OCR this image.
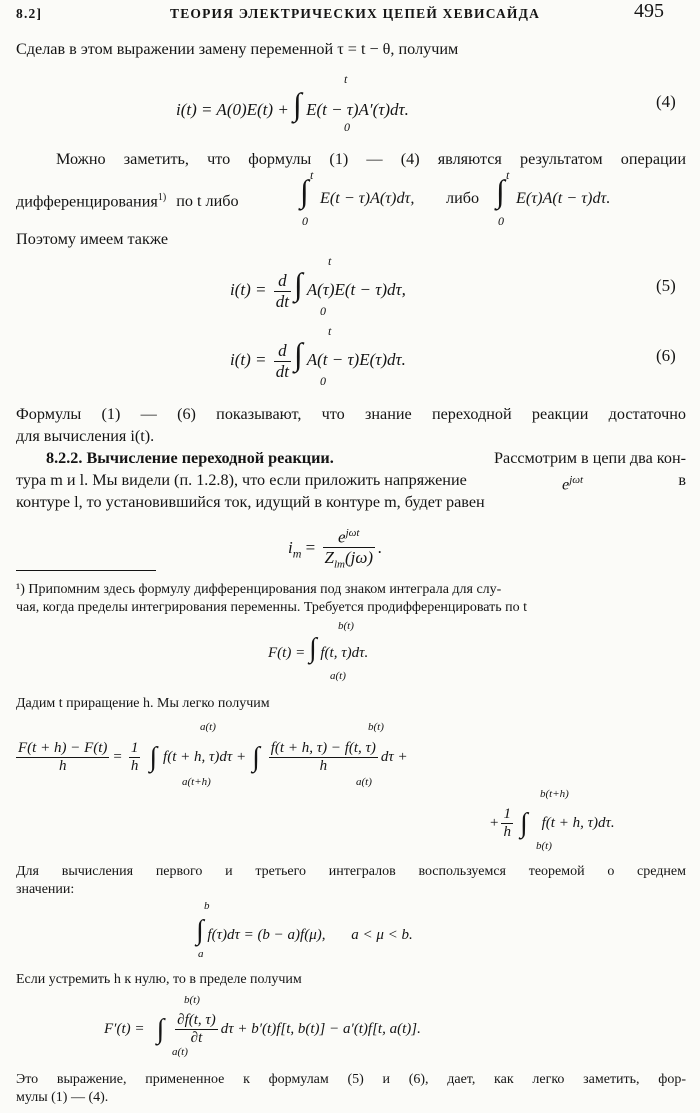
8.2]	ТЕОРИЯ ЭЛЕКТРИЧЕСКИХ ЦЕПЕЙ ХЕВИСАЙДА	495
Сделав в этом выражении замену переменной τ = t − θ, получим
i(t) = A(0)E(t) + ∫ E(t − τ)A′(τ)dτ.
t
0
(4)
Можно заметить, что формулы (1) — (4) являются результатом операции
дифференцирования$^{1)}$ по t либо ∫ E(t − τ)A(τ)dτ, либо ∫ E(τ)A(t − τ)dτ.
t
0
t
0
Поэтому имеем также
$i(t) = \frac{d}{dt}$ ∫ A(τ)E(t − τ)dτ,
t
0
(5)
$i(t) = \frac{d}{dt}$ ∫ A(t − τ)E(τ)dτ.
t
0
(6)
Формулы (1) — (6) показывают, что знание переходной реакции достаточно
для вычисления i(t).
8.2.2. Вычисление переходной реакции.	Рассмотрим в цепи два кон-
тура m и l. Мы видели (п. 1.2.8), что если приложить напряжение	$e^{j\omega t}$	в
контуре l, то установившийся ток, идущий в контуре m, будет равен
$i_m = \frac{e^{j\omega t}}{Z_{lm}(j\omega)}$ .
¹) Припомним здесь формулу дифференцирования под знаком интеграла для слу-
чая, когда пределы интегрирования переменны. Требуется продифференцировать по t
F(t) = ∫ f(t, τ)dτ.
b(t)
a(t)
Дадим t приращение h. Мы легко получим
$\frac{F(t + h) - F(t)}{h} = \frac{1}{h}$ ∫ f(t + h, τ)dτ + ∫ $\frac{f(t + h, \tau) - f(t, \tau)}{h}$ dτ +
a(t)
a(t+h)
b(t)
a(t)
+ $\frac{1}{h}$ ∫ f(t + h, τ)dτ.
b(t+h)
b(t)
Для вычисления первого и третьего интегралов воспользуемся теоремой о среднем
значении:
∫ f(τ)dτ = (b − a)f(μ), a < μ < b.
b
a
Если устремить h к нулю, то в пределе получим
F′(t) = ∫ $\frac{\partial f(t, \tau)}{\partial t}$ dτ + b′(t)f[t, b(t)] − a′(t)f[t, a(t)].
b(t)
a(t)
Это выражение, примененное к формулам (5) и (6), дает, как легко заметить, фор-
мулы (1) — (4).
